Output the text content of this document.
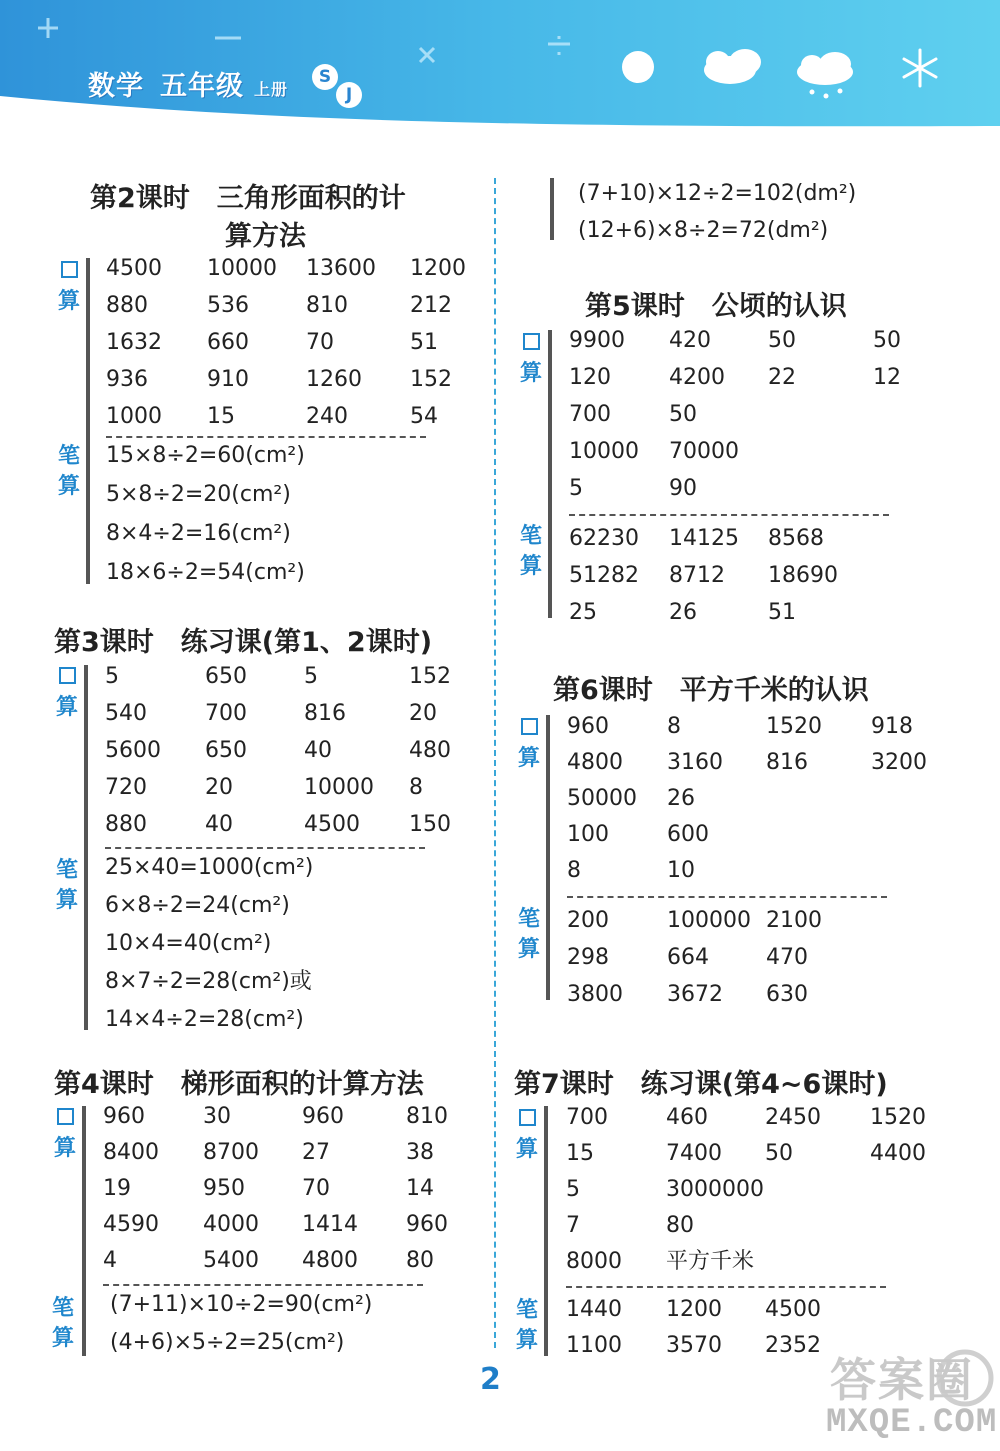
数学 五年级 上册
S
J
第2课时　三角形面积的计
算方法

算
4500 10000 13600 1200
880	536	810	212
1632 660	70	51
936	910	1260 152
1000 15	240	54
笔
算
15×8÷2=60(cm²)
5×8÷2=20(cm²)
8×4÷2=16(cm²)
18×6÷2=54(cm²)
第3课时　练习课(第1、2课时)

算
5	650	5	152
540	700	816	20
5600 650	40	480
720	20	10000 8
880	40	4500 150
笔
算
25×40=1000(cm²)
6×8÷2=24(cm²)
10×4=40(cm²)
8×7÷2=28(cm²)或
14×4÷2=28(cm²)
第4课时　梯形面积的计算方法

算
960	30	960	810
8400 8700 27	38
19	950	70	14
4590 4000 1414 960
4	5400 4800 80
笔
算
(7+11)×10÷2=90(cm²)
(4+6)×5÷2=25(cm²)
(7+10)×12÷2=102(dm²)
(12+6)×8÷2=72(dm²)
第5课时　公顷的认识

算
9900 420	50	50
120	4200 22	12
700	50
10000 70000
5	90
笔
算
62230 14125 8568
51282 8712 18690
25	26	51
第6课时　平方千米的认识

算
960	8	1520 918
4800 3160 816	3200
50000 26
100	600
8	10
笔
算
200	100000 2100
298	664	470
3800 3672 630
第7课时　练习课(第4~6课时)

算
700	460	2450 1520
15	7400 50	4400
5	3000000
7	80
8000 平方千米
笔
算
1440 1200 4500
1100 3570 2352
2	答案圈
MXQE.COM
